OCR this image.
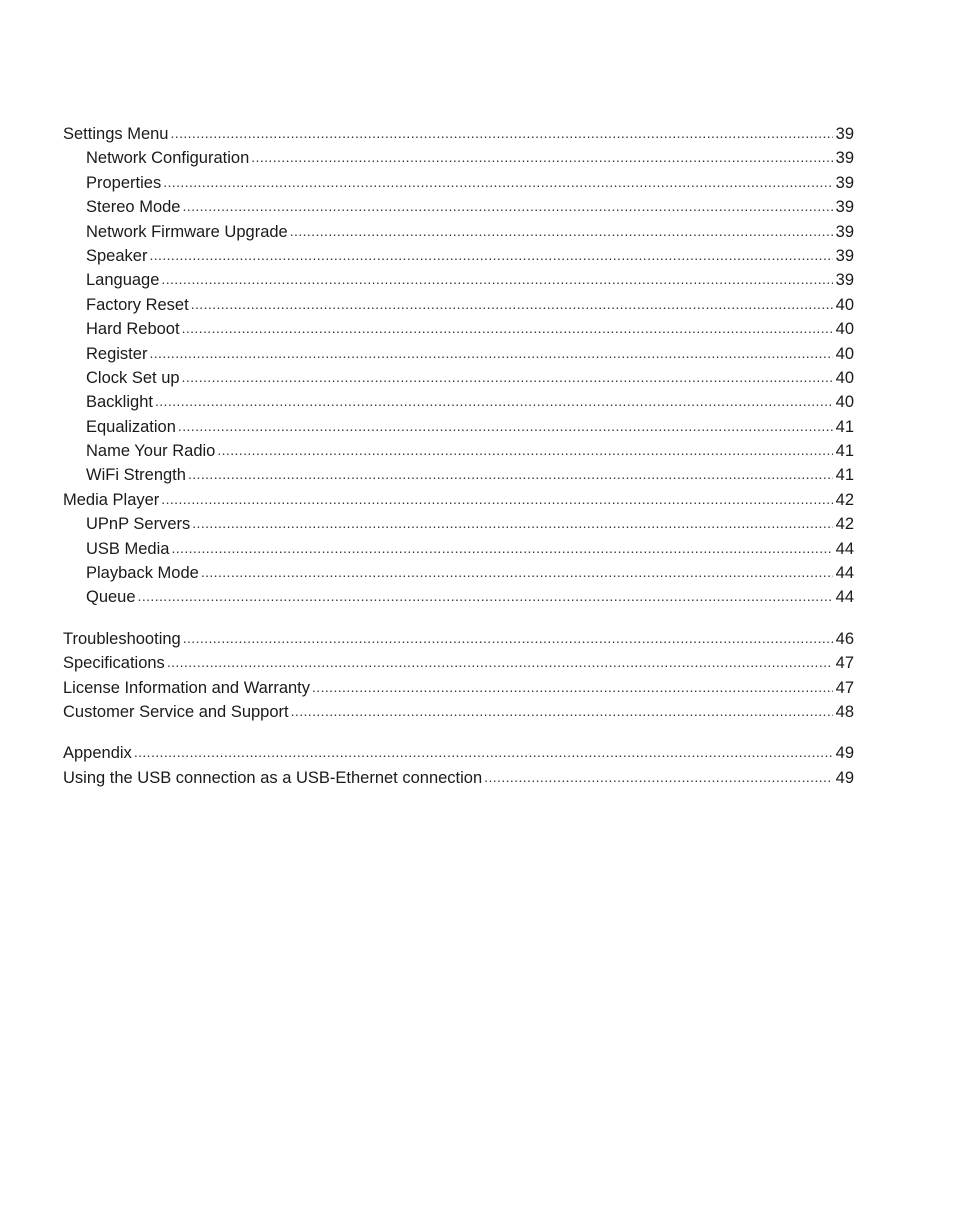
Settings Menu .....	39
Network Configuration .....	39
Properties .....	39
Stereo Mode .....	39
Network Firmware Upgrade .....	39
Speaker .....	39
Language .....	39
Factory Reset .....	40
Hard Reboot .....	40
Register .....	40
Clock Set up .....	40
Backlight .....	40
Equalization .....	41
Name Your Radio .....	41
WiFi Strength .....	41
Media Player .....	42
UPnP Servers .....	42
USB Media .....	44
Playback Mode .....	44
Queue .....	44
Troubleshooting .....	46
Specifications .....	47
License Information and Warranty .....	47
Customer Service and Support .....	48
Appendix .....	49
Using the USB connection as a USB-Ethernet connection .....	49
